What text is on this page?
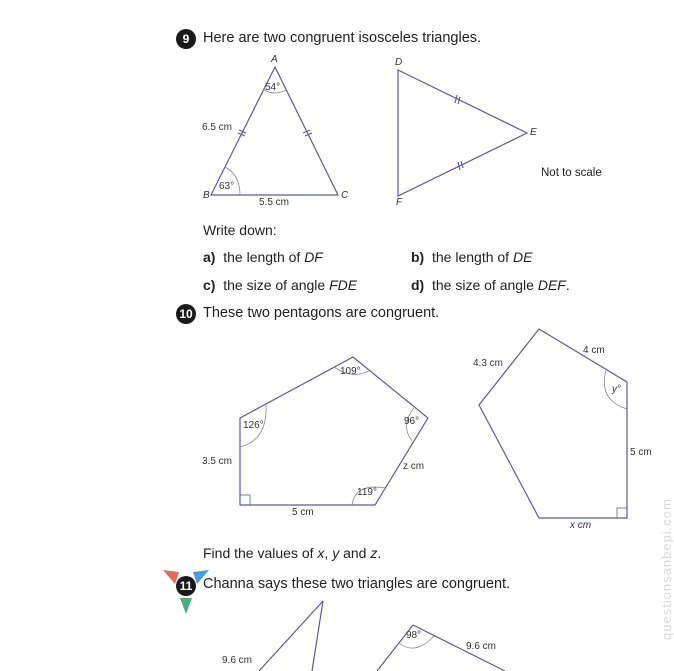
questionsanbepi.com
9 Here are two congruent isosceles triangles.
A
B	C
54°
63°
6.5 cm
5.5 cm
D
E
F
Not to scale
Write down:
a) the length of DF	b) the length of DE
c) the size of angle FDE	d) the size of angle DEF.
10 These two pentagons are congruent.
126°
109°
96°
119°
3.5 cm
5 cm
z cm
4.3 cm
4 cm
y°
5 cm
x cm
Find the values of x, y and z.
11 Channa says these two triangles are congruent.
9.6 cm
98°
9.6 cm
